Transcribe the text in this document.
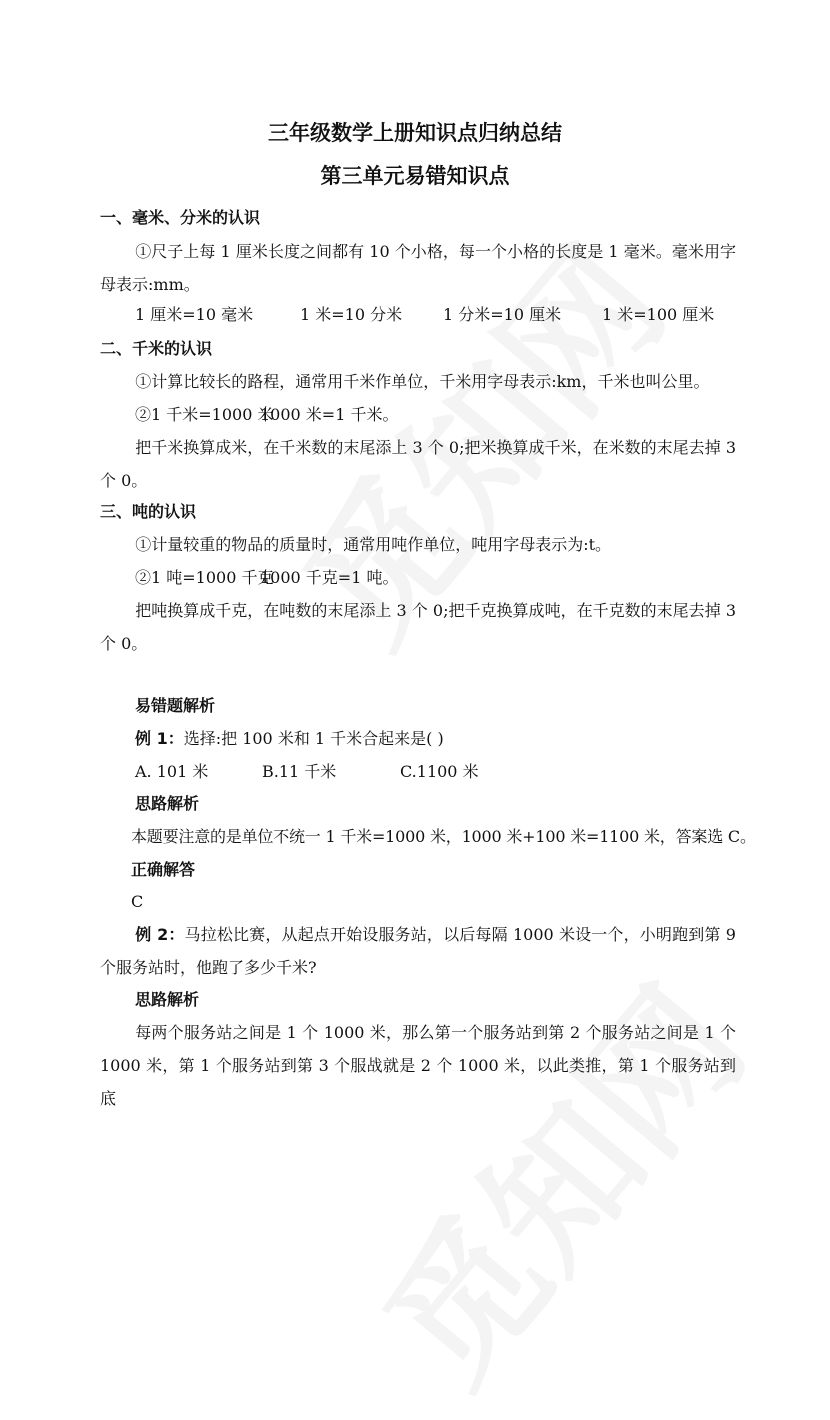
三年级数学上册知识点归纳总结
第三单元易错知识点
一、毫米、分米的认识
①尺子上每 1 厘米长度之间都有 10 个小格，每一个小格的长度是 1 毫米。毫米用字母表示:mm。
1 厘米=10 毫米	1 米=10 分米	1 分米=10 厘米	1 米=100 厘米
二、千米的认识
①计算比较长的路程，通常用千米作单位，千米用字母表示:km，千米也叫公里。
②1 千米=1000 米
1000 米=1 千米。
把千米换算成米，在千米数的末尾添上 3 个 0;把米换算成千米，在米数的末尾去掉 3 个 0。
三、吨的认识
①计量较重的物品的质量时，通常用吨作单位，吨用字母表示为:t。
②1 吨=1000 千克
1000 千克=1 吨。
把吨换算成千克，在吨数的末尾添上 3 个 0;把千克换算成吨，在千克数的末尾去掉 3 个 0。
易错题解析
例 1：选择:把 100 米和 1 千米合起来是( )
A. 101 米	B.11 千米	C.1100 米
思路解析
本题要注意的是单位不统一 1 千米=1000 米，1000 米+100 米=1100 米，答案选 C。
正确解答
C
例 2：马拉松比赛，从起点开始设服务站，以后每隔 1000 米设一个，小明跑到第 9 个服务站时，他跑了多少千米?
思路解析
每两个服务站之间是 1 个 1000 米，那么第一个服务站到第 2 个服务站之间是 1 个 1000 米，第 1 个服务站到第 3 个服战就是 2 个 1000 米，以此类推，第 1 个服务站到底
